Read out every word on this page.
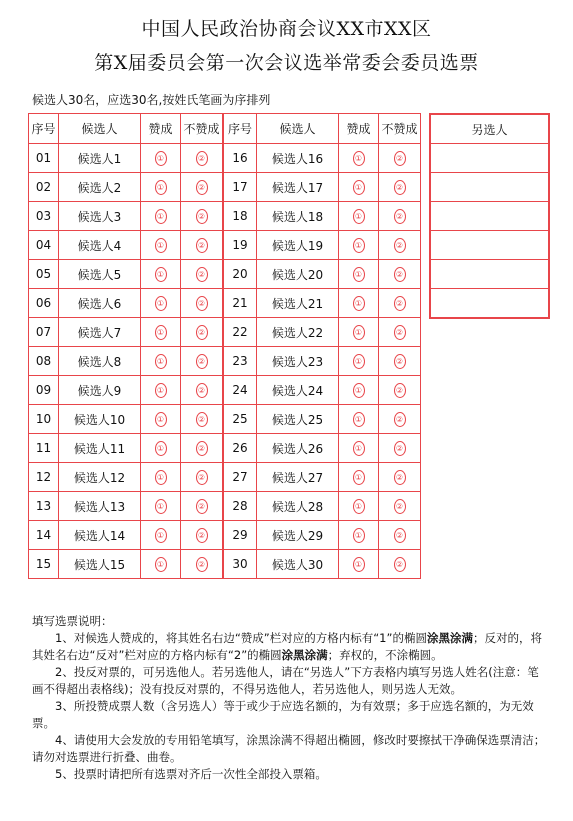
中国人民政治协商会议XX市XX区
第X届委员会第一次会议选举常委会委员选票
候选人30名，应选30名,按姓氏笔画为序排列
序号	候选人	赞成	不赞成
01	候选人1	①	②
02	候选人2	①	②
03	候选人3	①	②
04	候选人4	①	②
05	候选人5	①	②
06	候选人6	①	②
07	候选人7	①	②
08	候选人8	①	②
09	候选人9	①	②
10	候选人10	①	②
11	候选人11	①	②
12	候选人12	①	②
13	候选人13	①	②
14	候选人14	①	②
15	候选人15	①	②
序号	候选人	赞成	不赞成
16	候选人16	①	②
17	候选人17	①	②
18	候选人18	①	②
19	候选人19	①	②
20	候选人20	①	②
21	候选人21	①	②
22	候选人22	①	②
23	候选人23	①	②
24	候选人24	①	②
25	候选人25	①	②
26	候选人26	①	②
27	候选人27	①	②
28	候选人28	①	②
29	候选人29	①	②
30	候选人30	①	②
另选人

填写选票说明：

1、对候选人赞成的，将其姓名右边“赞成”栏对应的方格内标有“1”的椭圆涂黑涂满；反对的，将其姓名右边“反对”栏对应的方格内标有“2”的椭圆涂黑涂满；弃权的，不涂椭圆。

2、投反对票的，可另选他人。若另选他人，请在“另选人”下方表格内填写另选人姓名(注意：笔画不得超出表格线)；没有投反对票的，不得另选他人，若另选他人，则另选人无效。

3、所投赞成票人数（含另选人）等于或少于应选名额的，为有效票；多于应选名额的，为无效票。

4、请使用大会发放的专用铅笔填写，涂黑涂满不得超出椭圆，修改时要擦拭干净确保选票清洁；请勿对选票进行折叠、曲卷。

5、投票时请把所有选票对齐后一次性全部投入票箱。
